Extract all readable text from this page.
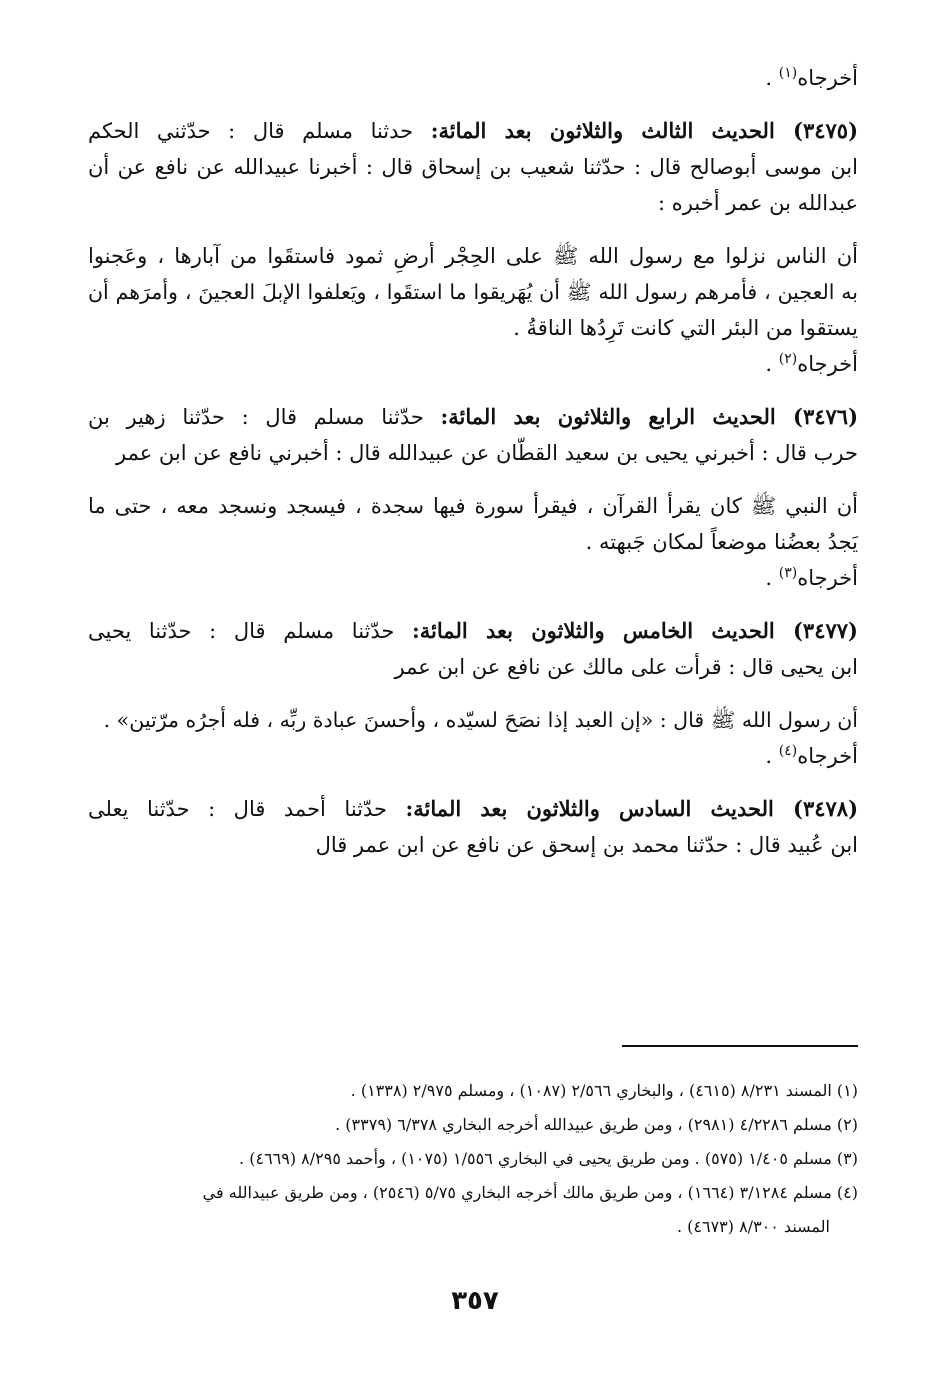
أخرجاه$^{(١)}$ .

(٣٤٧٥) الحديث الثالث والثلاثون بعد المائة: حدثنا مسلم قال : حدّثني الحكم

ابن موسى أبوصالح قال : حدّثنا شعيب بن إسحاق قال : أخبرنا عبيدالله عن نافع عن أن

عبدالله بن عمر أخبره :

أن الناس نزلوا مع رسول الله ﷺ على الحِجْر أرضِ ثمود فاستقَوا من آبارها ، وعَجنوا

به العجين ، فأمرهم رسول الله ﷺ أن يُهَريقوا ما استقَوا ، ويَعلفوا الإبلَ العجينَ ، وأمرَهم أن

يستقوا من البئر التي كانت تَرِدُها الناقةُ .

أخرجاه$^{(٢)}$ .

(٣٤٧٦) الحديث الرابع والثلاثون بعد المائة: حدّثنا مسلم قال : حدّثنا زهير بن

حرب قال : أخبرني يحيى بن سعيد القطّان عن عبيدالله قال : أخبرني نافع عن ابن عمر

أن النبي ﷺ كان يقرأ القرآن ، فيقرأ سورة فيها سجدة ، فيسجد ونسجد معه ، حتى ما

يَجدُ بعضُنا موضعاً لمكان جَبهته .

أخرجاه$^{(٣)}$ .

(٣٤٧٧) الحديث الخامس والثلاثون بعد المائة: حدّثنا مسلم قال : حدّثنا يحيى

ابن يحيى قال : قرأت على مالك عن نافع عن ابن عمر

أن رسول الله ﷺ قال : «إن العبد إذا نصَحَ لسيّده ، وأحسنَ عبادة ربِّه ، فله أجرُه مرّتين» .

أخرجاه$^{(٤)}$ .

(٣٤٧٨) الحديث السادس والثلاثون بعد المائة: حدّثنا أحمد قال : حدّثنا يعلى

ابن عُبيد قال : حدّثنا محمد بن إسحق عن نافع عن ابن عمر قال

(١) المسند ٨/٢٣١ (٤٦١٥) ، والبخاري ٢/٥٦٦ (١٠٨٧) ، ومسلم ٢/٩٧٥ (١٣٣٨) .

(٢) مسلم ٤/٢٢٨٦ (٢٩٨١) ، ومن طريق عبيدالله أخرجه البخاري ٦/٣٧٨ (٣٣٧٩) .

(٣) مسلم ١/٤٠٥ (٥٧٥) . ومن طريق يحيى في البخاري ١/٥٥٦ (١٠٧٥) ، وأحمد ٨/٢٩٥ (٤٦٦٩) .

(٤) مسلم ٣/١٢٨٤ (١٦٦٤) ، ومن طريق مالك أخرجه البخاري ٥/٧٥ (٢٥٤٦) ، ومن طريق عبيدالله في

المسند ٨/٣٠٠ (٤٦٧٣) .

٣٥٧
